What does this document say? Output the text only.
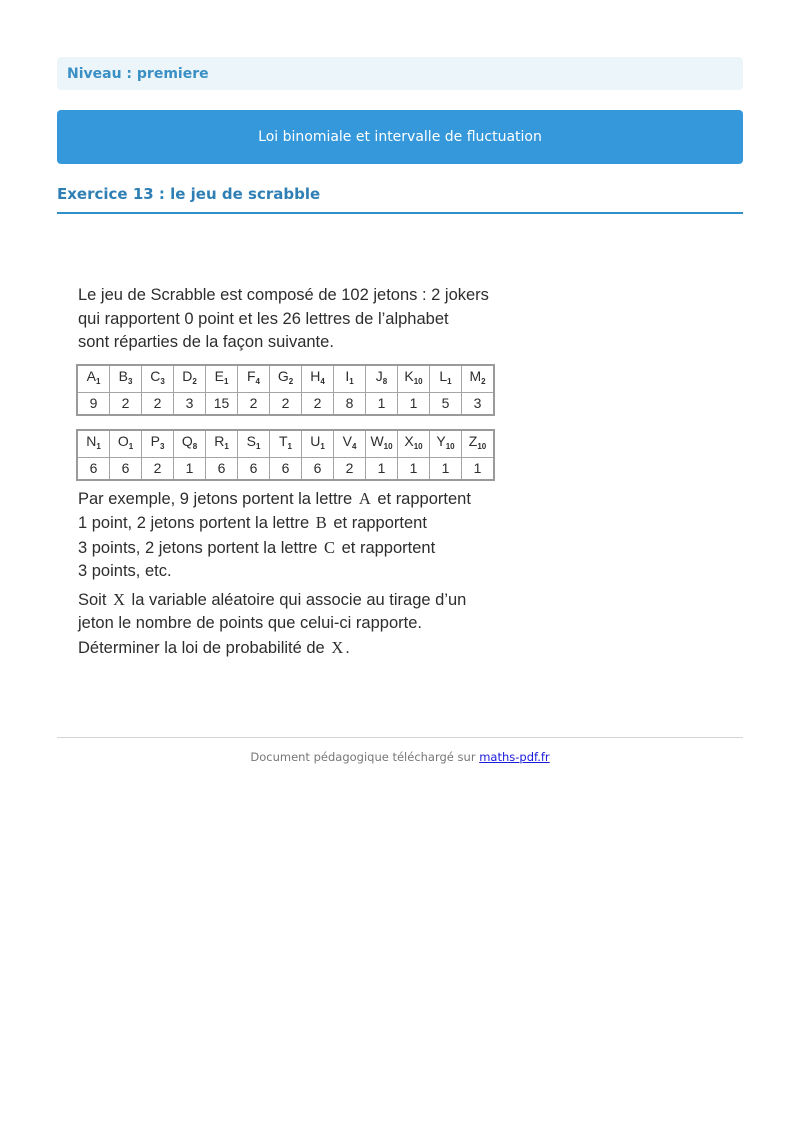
Niveau : premiere
Loi binomiale et intervalle de fluctuation
Exercice 13 : le jeu de scrabble

Le jeu de Scrabble est composé de 102 jetons : 2 jokers

qui rapportent 0 point et les 26 lettres de l’alphabet

sont réparties de la façon suivante.

$A_1$	$B_3$	$C_3$	$D_2$	$E_1$	$F_4$	$G_2$	$H_4$	$I_1$	$J_8$	$K_{10}$	$L_1$	$M_2$
9	2	2	3	15	2	2	2	8	1	1	5	3
$N_1$	$O_1$	$P_3$	$Q_8$	$R_1$	$S_1$	$T_1$	$U_1$	$V_4$	$W_{10}$	$X_{10}$	$Y_{10}$	$Z_{10}$
6	6	2	1	6	6	6	6	2	1	1	1	1

Par exemple, 9 jetons portent la lettre A et rapportent

1 point, 2 jetons portent la lettre B et rapportent

3 points, 2 jetons portent la lettre C et rapportent

3 points, etc.

Soit X la variable aléatoire qui associe au tirage d’un

jeton le nombre de points que celui-ci rapporte.

Déterminer la loi de probabilité de X .

Document pédagogique téléchargé sur maths-pdf.fr
